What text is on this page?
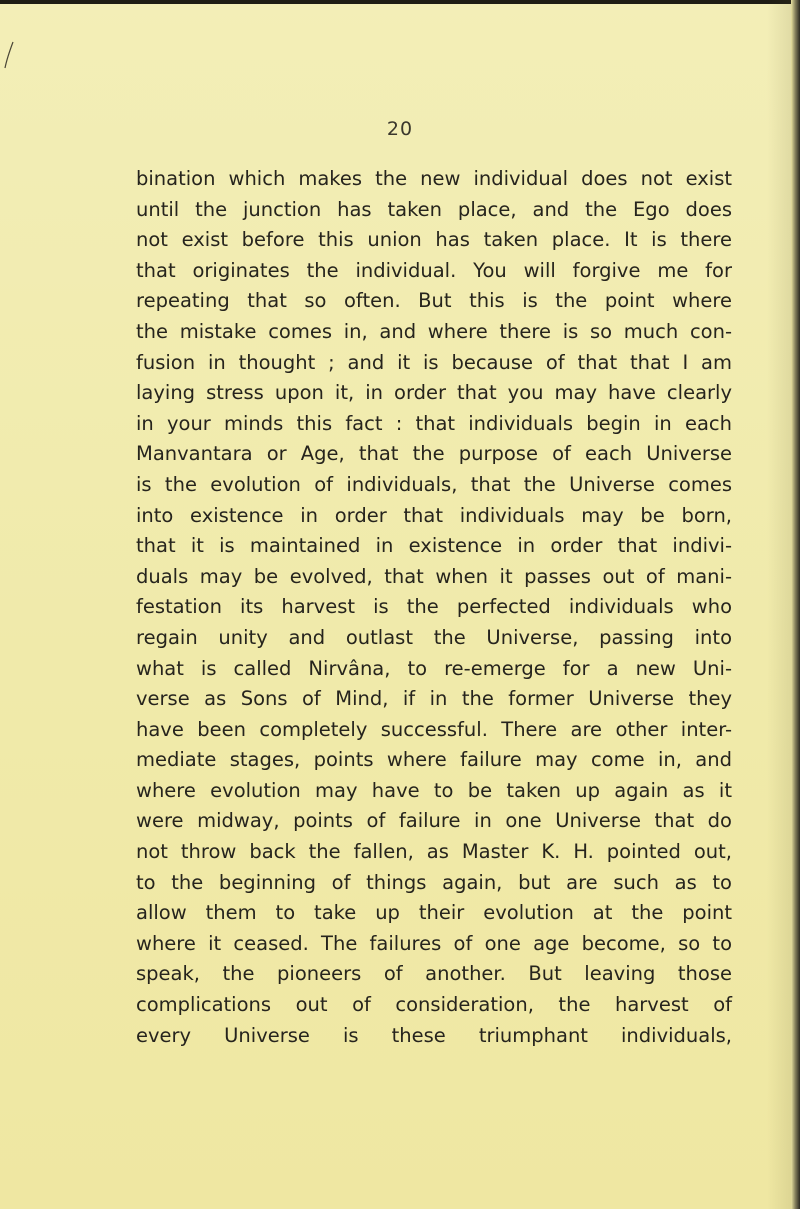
20
bination which makes the new individual does not exist
until the junction has taken place, and the Ego does
not exist before this union has taken place. It is there
that originates the individual. You will forgive me for
repeating that so often. But this is the point where
the mistake comes in, and where there is so much con-
fusion in thought ; and it is because of that that I am
laying stress upon it, in order that you may have clearly
in your minds this fact : that individuals begin in each
Manvantara or Age, that the purpose of each Universe
is the evolution of individuals, that the Universe comes
into existence in order that individuals may be born,
that it is maintained in existence in order that indivi-
duals may be evolved, that when it passes out of mani-
festation its harvest is the perfected individuals who
regain unity and outlast the Universe, passing into
what is called Nirvâna, to re-emerge for a new Uni-
verse as Sons of Mind, if in the former Universe they
have been completely successful. There are other inter-
mediate stages, points where failure may come in, and
where evolution may have to be taken up again as it
were midway, points of failure in one Universe that do
not throw back the fallen, as Master K. H. pointed out,
to the beginning of things again, but are such as to
allow them to take up their evolution at the point
where it ceased. The failures of one age become, so to
speak, the pioneers of another. But leaving those
complications out of consideration, the harvest of
every Universe is these triumphant individuals,
